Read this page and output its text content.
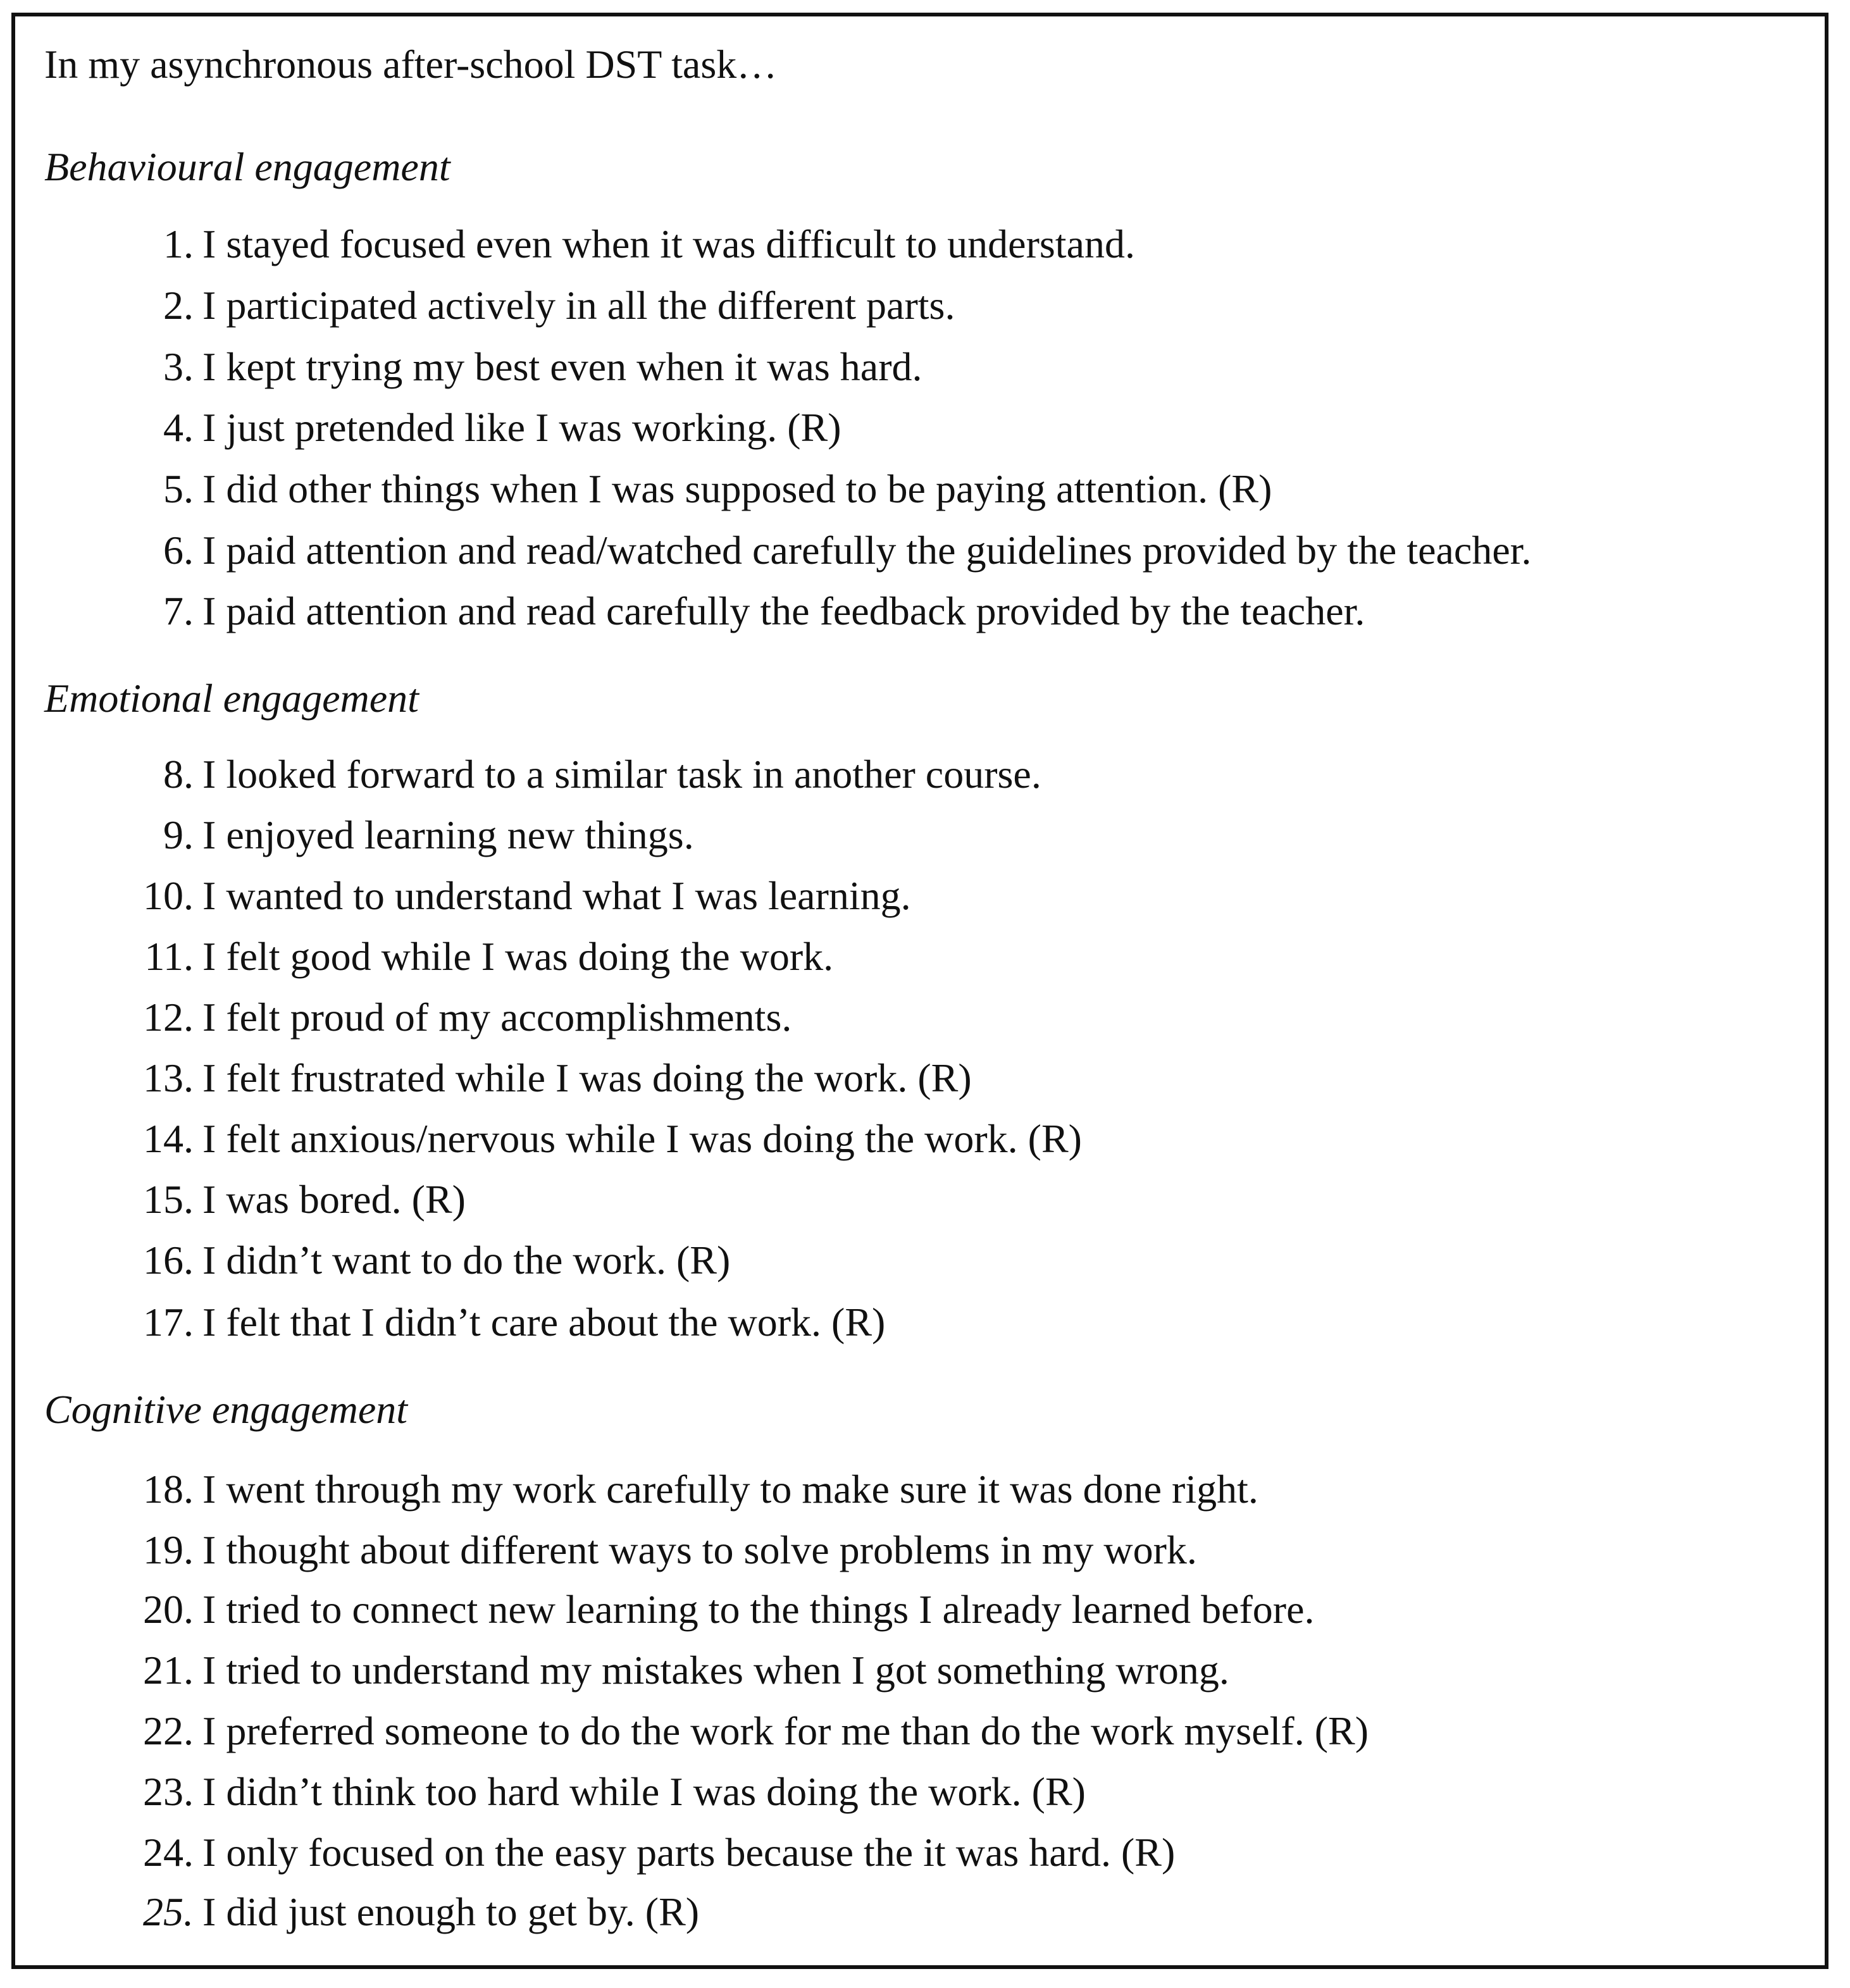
In my asynchronous after-school DST task…
Behavioural engagement
1. I stayed focused even when it was difficult to understand.
2. I participated actively in all the different parts.
3. I kept trying my best even when it was hard.
4. I just pretended like I was working. (R)
5. I did other things when I was supposed to be paying attention. (R)
6. I paid attention and read/watched carefully the guidelines provided by the teacher.
7. I paid attention and read carefully the feedback provided by the teacher.
Emotional engagement
8. I looked forward to a similar task in another course.
9. I enjoyed learning new things.
10. I wanted to understand what I was learning.
11. I felt good while I was doing the work.
12. I felt proud of my accomplishments.
13. I felt frustrated while I was doing the work. (R)
14. I felt anxious/nervous while I was doing the work. (R)
15. I was bored. (R)
16. I didn’t want to do the work. (R)
17. I felt that I didn’t care about the work. (R)
Cognitive engagement
18. I went through my work carefully to make sure it was done right.
19. I thought about different ways to solve problems in my work.
20. I tried to connect new learning to the things I already learned before.
21. I tried to understand my mistakes when I got something wrong.
22. I preferred someone to do the work for me than do the work myself. (R)
23. I didn’t think too hard while I was doing the work. (R)
24. I only focused on the easy parts because the it was hard. (R)
25. I did just enough to get by. (R)
